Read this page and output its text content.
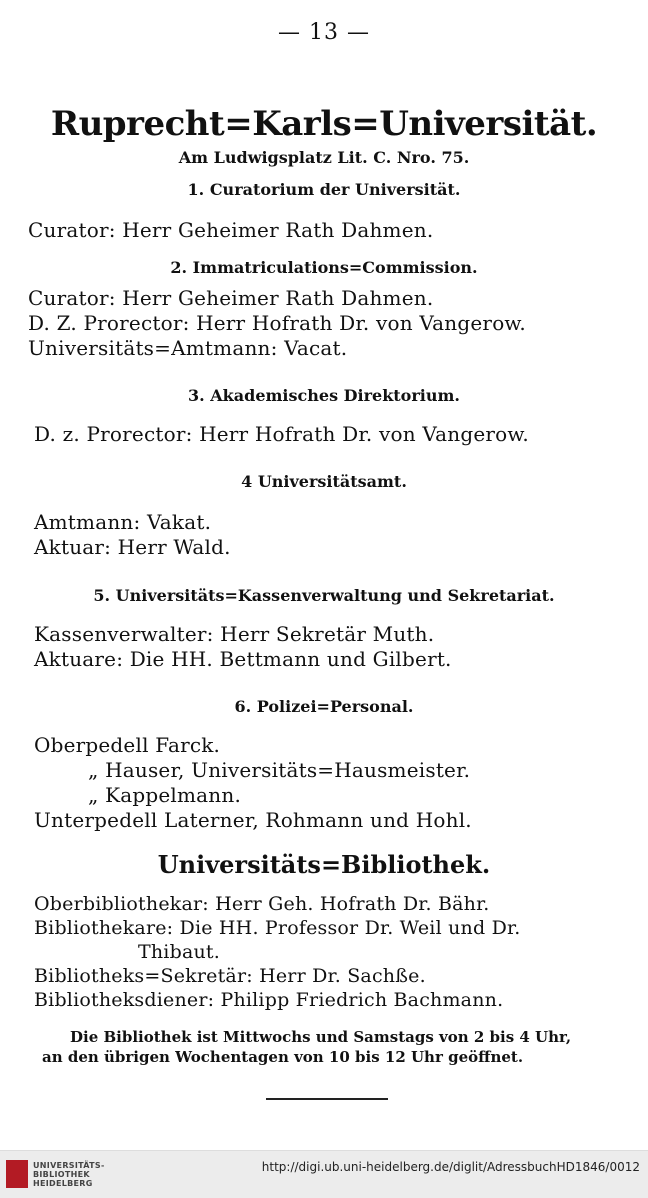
— 13 —
Ruprecht=Karls=Universität.
Am Ludwigsplatz Lit. C. Nro. 75.
1. Curatorium der Universität.
Curator: Herr Geheimer Rath Dahmen.
2. Immatriculations=Commission.
Curator: Herr Geheimer Rath Dahmen.
D. Z. Prorector: Herr Hofrath Dr. von Vangerow.
Universitäts=Amtmann: Vacat.
3. Akademisches Direktorium.
D. z. Prorector: Herr Hofrath Dr. von Vangerow.
4 Universitätsamt.
Amtmann: Vakat.
Aktuar: Herr Wald.
5. Universitäts=Kassenverwaltung und Sekretariat.
Kassenverwalter: Herr Sekretär Muth.
Aktuare: Die HH. Bettmann und Gilbert.
6. Polizei=Personal.
Oberpedell Farck.
„ Hauser, Universitäts=Hausmeister.
„ Kappelmann.
Unterpedell Laterner, Rohmann und Hohl.
Universitäts=Bibliothek.
Oberbibliothekar: Herr Geh. Hofrath Dr. Bähr.
Bibliothekare: Die HH. Professor Dr. Weil und Dr.
Thibaut.
Bibliotheks=Sekretär: Herr Dr. Sachße.
Bibliotheksdiener: Philipp Friedrich Bachmann.
Die Bibliothek ist Mittwochs und Samstags von 2 bis 4 Uhr,
an den übrigen Wochentagen von 10 bis 12 Uhr geöffnet.
UNIVERSITÄTS-
BIBLIOTHEK
HEIDELBERG
http://digi.ub.uni-heidelberg.de/diglit/AdressbuchHD1846/0012
